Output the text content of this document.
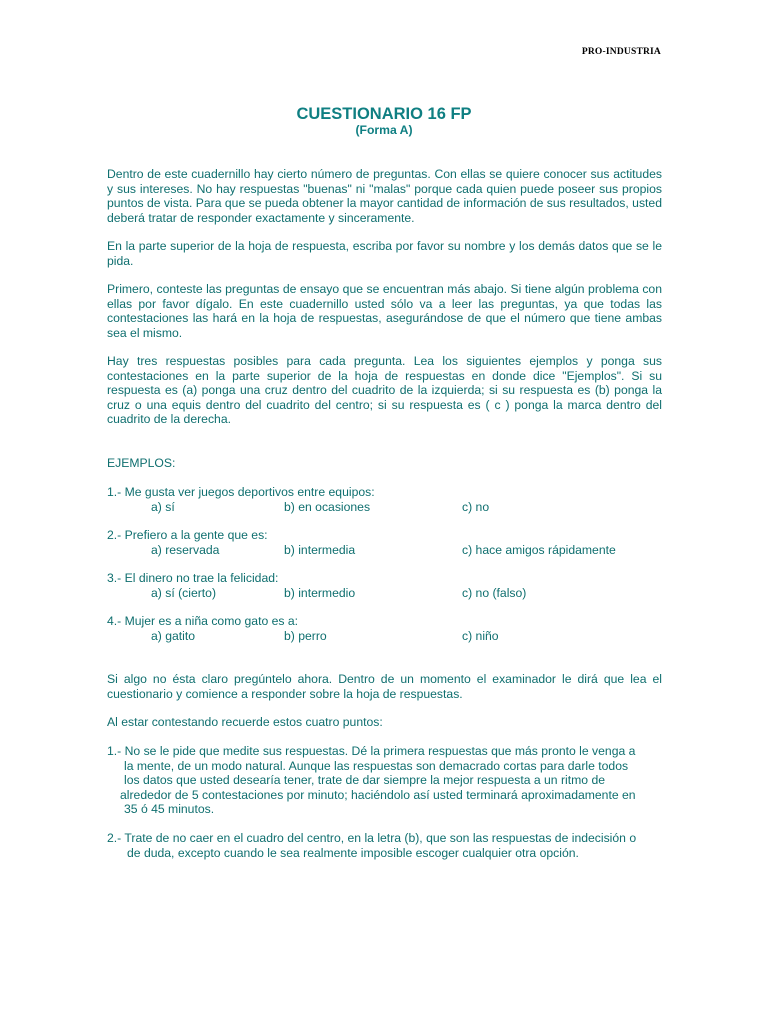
PRO-INDUSTRIA
CUESTIONARIO 16 FP
(Forma A)

Dentro de este cuadernillo hay cierto número de preguntas. Con ellas se quiere conocer sus actitudes y sus intereses. No hay respuestas "buenas" ni "malas" porque cada quien puede poseer sus propios puntos de vista. Para que se pueda obtener la mayor cantidad de información de sus resultados, usted deberá tratar de responder exactamente y sinceramente.

En la parte superior de la hoja de respuesta, escriba por favor su nombre y los demás datos que se le pida.

Primero, conteste las preguntas de ensayo que se encuentran más abajo. Si tiene algún problema con ellas por favor dígalo. En este cuadernillo usted sólo va a leer las preguntas, ya que todas las contestaciones las hará en la hoja de respuestas, asegurándose de que el número que tiene ambas sea el mismo.

Hay tres respuestas posibles para cada pregunta. Lea los siguientes ejemplos y ponga sus contestaciones en la parte superior de la hoja de respuestas en donde dice "Ejemplos". Si su respuesta es (a) ponga una cruz dentro del cuadrito de la izquierda; si su respuesta es (b) ponga la cruz o una equis dentro del cuadrito del centro; si su respuesta es ( c ) ponga la marca dentro del cuadrito de la derecha.

EJEMPLOS:
1.- Me gusta ver juegos deportivos entre equipos:
a) sí	b) en ocasiones	c) no
2.- Prefiero a la gente que es:
a) reservada	b) intermedia	c) hace amigos rápidamente
3.- El dinero no trae la felicidad:
a) sí (cierto)	b) intermedio	c) no (falso)
4.- Mujer es a niña como gato es a:
a) gatito	b) perro	c) niño

Si algo no ésta claro pregúntelo ahora. Dentro de un momento el examinador le dirá que lea el cuestionario y comience a responder sobre la hoja de respuestas.

Al estar contestando recuerde estos cuatro puntos:
1.- No se le pide que medite sus respuestas. Dé la primera respuestas que más pronto le venga a
la mente, de un modo natural. Aunque las respuestas son demacrado cortas para darle todos
los datos que usted desearía tener, trate de dar siempre la mejor respuesta a un ritmo de
alrededor de 5 contestaciones por minuto; haciéndolo así usted terminará aproximadamente en
35 ó 45 minutos.
2.- Trate de no caer en el cuadro del centro, en la letra (b), que son las respuestas de indecisión o
de duda, excepto cuando le sea realmente imposible escoger cualquier otra opción.
